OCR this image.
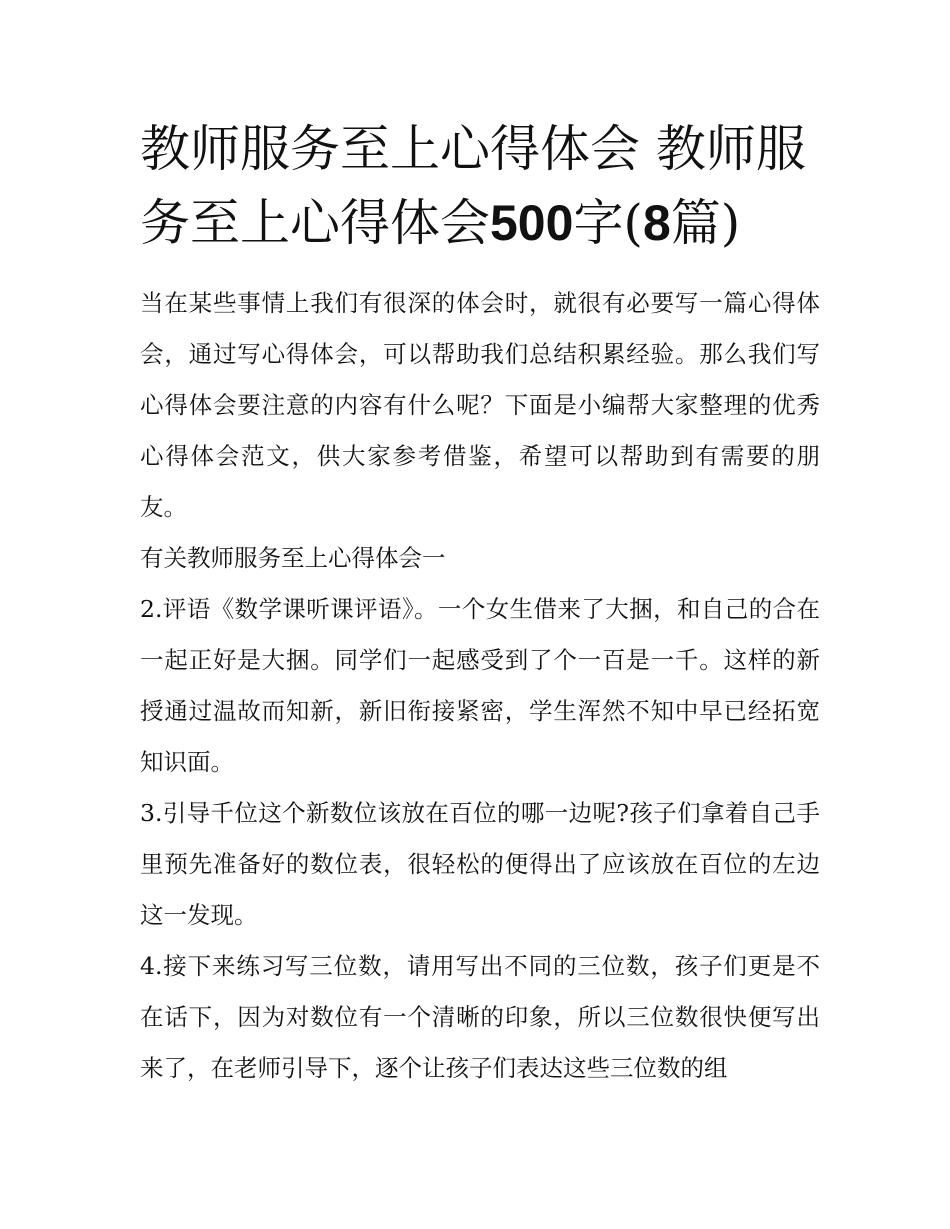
教师服务至上心得体会 教师服务至上心得体会500字(8篇)

当在某些事情上我们有很深的体会时，就很有必要写一篇心得体会，通过写心得体会，可以帮助我们总结积累经验。那么我们写心得体会要注意的内容有什么呢？下面是小编帮大家整理的优秀心得体会范文，供大家参考借鉴，希望可以帮助到有需要的朋友。

有关教师服务至上心得体会一

2.评语《数学课听课评语》。一个女生借来了大捆，和自己的合在一起正好是大捆。同学们一起感受到了个一百是一千。这样的新授通过温故而知新，新旧衔接紧密，学生浑然不知中早已经拓宽知识面。

3.引导千位这个新数位该放在百位的哪一边呢?孩子们拿着自己手里预先准备好的数位表，很轻松的便得出了应该放在百位的左边这一发现。

4.接下来练习写三位数，请用写出不同的三位数，孩子们更是不在话下，因为对数位有一个清晰的印象，所以三位数很快便写出来了，在老师引导下，逐个让孩子们表达这些三位数的组
